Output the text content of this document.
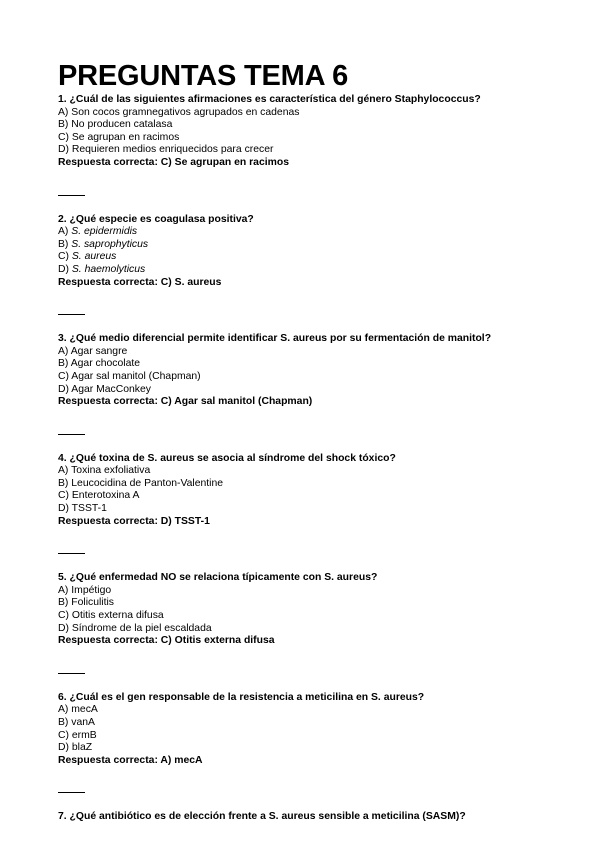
PREGUNTAS TEMA 6
1. ¿Cuál de las siguientes afirmaciones es característica del género Staphylococcus?
A) Son cocos gramnegativos agrupados en cadenas
B) No producen catalasa
C) Se agrupan en racimos
D) Requieren medios enriquecidos para crecer
Respuesta correcta: C) Se agrupan en racimos
2. ¿Qué especie es coagulasa positiva?
A) S. epidermidis
B) S. saprophyticus
C) S. aureus
D) S. haemolyticus
Respuesta correcta: C) S. aureus
3. ¿Qué medio diferencial permite identificar S. aureus por su fermentación de manitol?
A) Agar sangre
B) Agar chocolate
C) Agar sal manitol (Chapman)
D) Agar MacConkey
Respuesta correcta: C) Agar sal manitol (Chapman)
4. ¿Qué toxina de S. aureus se asocia al síndrome del shock tóxico?
A) Toxina exfoliativa
B) Leucocidina de Panton-Valentine
C) Enterotoxina A
D) TSST-1
Respuesta correcta: D) TSST-1
5. ¿Qué enfermedad NO se relaciona típicamente con S. aureus?
A) Impétigo
B) Foliculitis
C) Otitis externa difusa
D) Síndrome de la piel escaldada
Respuesta correcta: C) Otitis externa difusa
6. ¿Cuál es el gen responsable de la resistencia a meticilina en S. aureus?
A) mecA
B) vanA
C) ermB
D) blaZ
Respuesta correcta: A) mecA
7. ¿Qué antibiótico es de elección frente a S. aureus sensible a meticilina (SASM)?
